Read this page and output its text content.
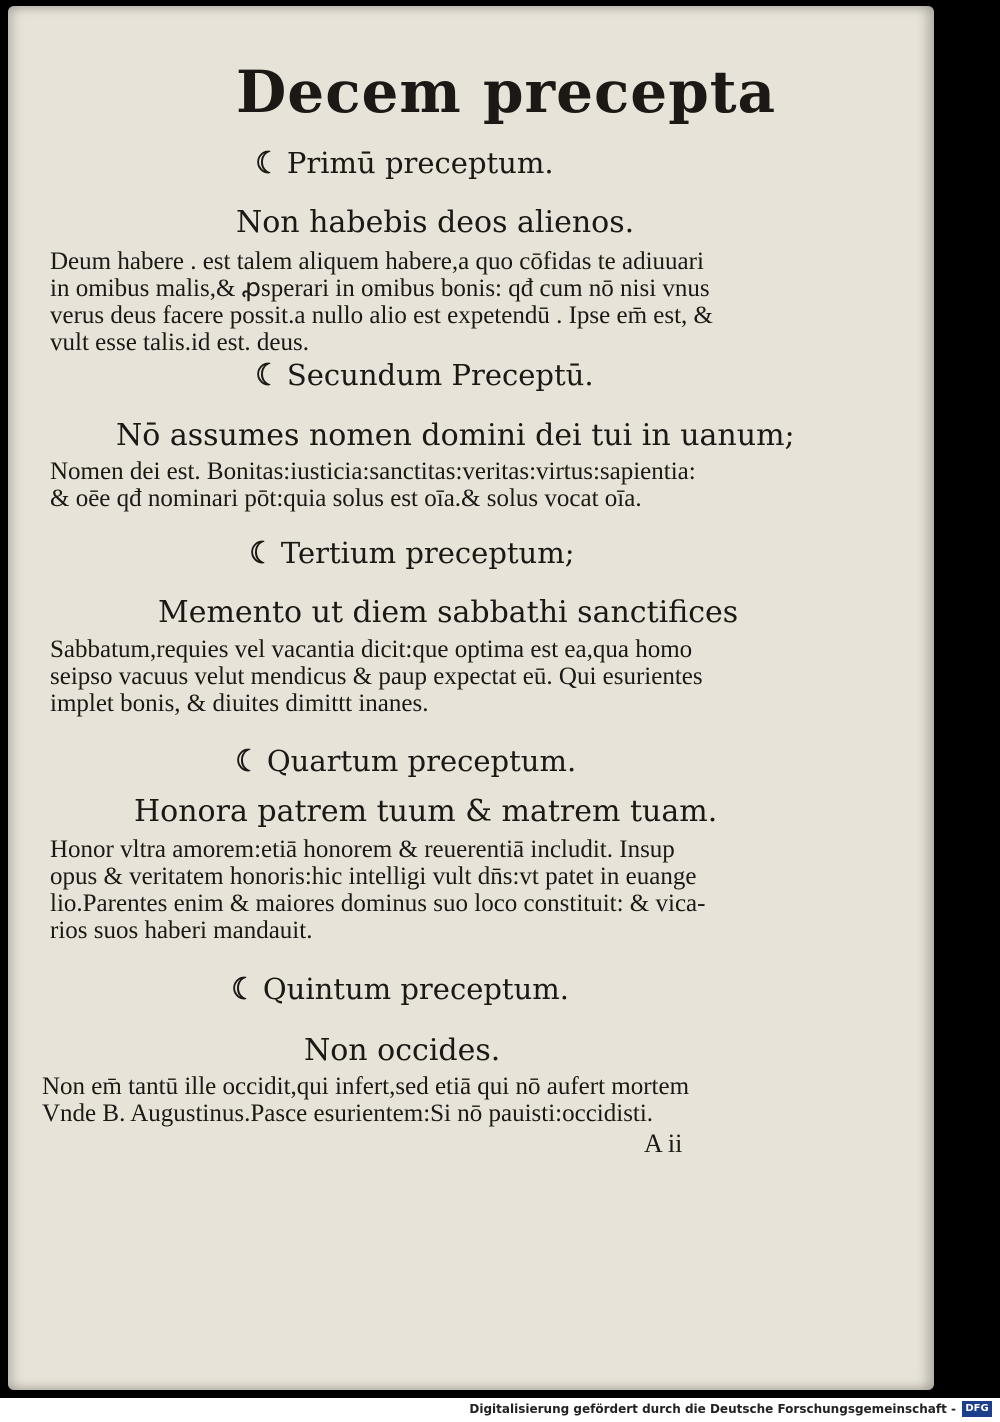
Decem precepta
☾ Primū preceptum.
Non habebis deos alienos.
Deum habere . est talem aliquem habere,a quo cōfidas te adiuuari
in omibus malis,& ꝓsperari in omibus bonis: qđ cum nō nisi vnus
verus deus facere possit.a nullo alio est expetendū . Ipse em̄ est, &
vult esse talis.id est. deus.
☾ Secundum Preceptū.
Nō assumes nomen domini dei tui in uanum;
Nomen dei est. Bonitas:iusticia:sanctitas:veritas:virtus:sapientia:
& oēe qđ nominari pōt:quia solus est oīa.& solus vocat oīa.
☾ Tertium preceptum;
Memento ut diem sabbathi sanctifices
Sabbatum,requies vel vacantia dicit:que optima est ea,qua homo
seipso vacuus velut mendicus & paup expectat eū. Qui esurientes
implet bonis, & diuites dimittt inanes.
☾ Quartum preceptum.
Honora patrem tuum & matrem tuam.
Honor vltra amorem:etiā honorem & reuerentiā includit. Insup
opus & veritatem honoris:hic intelligi vult dn̄s:vt patet in euange
lio.Parentes enim & maiores dominus suo loco constituit: & vica-
rios suos haberi mandauit.
☾ Quintum preceptum.
Non occides.
Non em̄ tantū ille occidit,qui infert,sed etiā qui nō aufert mortem
Vnde B. Augustinus.Pasce esurientem:Si nō pauisti:occidisti.
A ii
Digitalisierung gefördert durch die Deutsche Forschungsgemeinschaft - DFG
